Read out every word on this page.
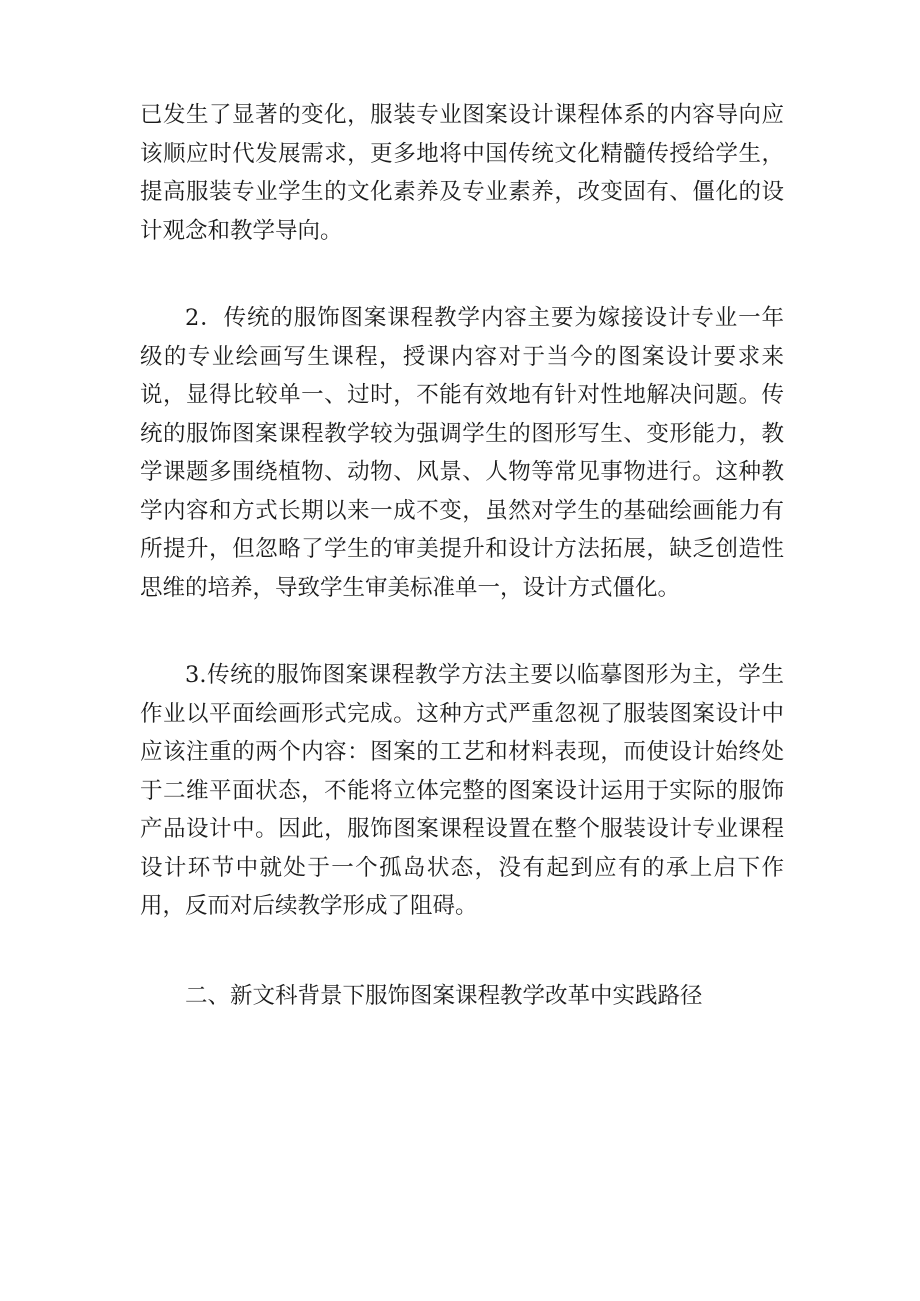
已发生了显著的变化，服装专业图案设计课程体系的内容导向应该顺应时代发展需求，更多地将中国传统文化精髓传授给学生，提高服装专业学生的文化素养及专业素养，改变固有、僵化的设计观念和教学导向。

2．传统的服饰图案课程教学内容主要为嫁接设计专业一年级的专业绘画写生课程，授课内容对于当今的图案设计要求来说，显得比较单一、过时，不能有效地有针对性地解决问题。传统的服饰图案课程教学较为强调学生的图形写生、变形能力，教学课题多围绕植物、动物、风景、人物等常见事物进行。这种教学内容和方式长期以来一成不变，虽然对学生的基础绘画能力有所提升，但忽略了学生的审美提升和设计方法拓展，缺乏创造性思维的培养，导致学生审美标准单一，设计方式僵化。

3.传统的服饰图案课程教学方法主要以临摹图形为主，学生作业以平面绘画形式完成。这种方式严重忽视了服装图案设计中应该注重的两个内容：图案的工艺和材料表现，而使设计始终处于二维平面状态，不能将立体完整的图案设计运用于实际的服饰产品设计中。因此，服饰图案课程设置在整个服装设计专业课程设计环节中就处于一个孤岛状态，没有起到应有的承上启下作用，反而对后续教学形成了阻碍。

二、新文科背景下服饰图案课程教学改革中实践路径
